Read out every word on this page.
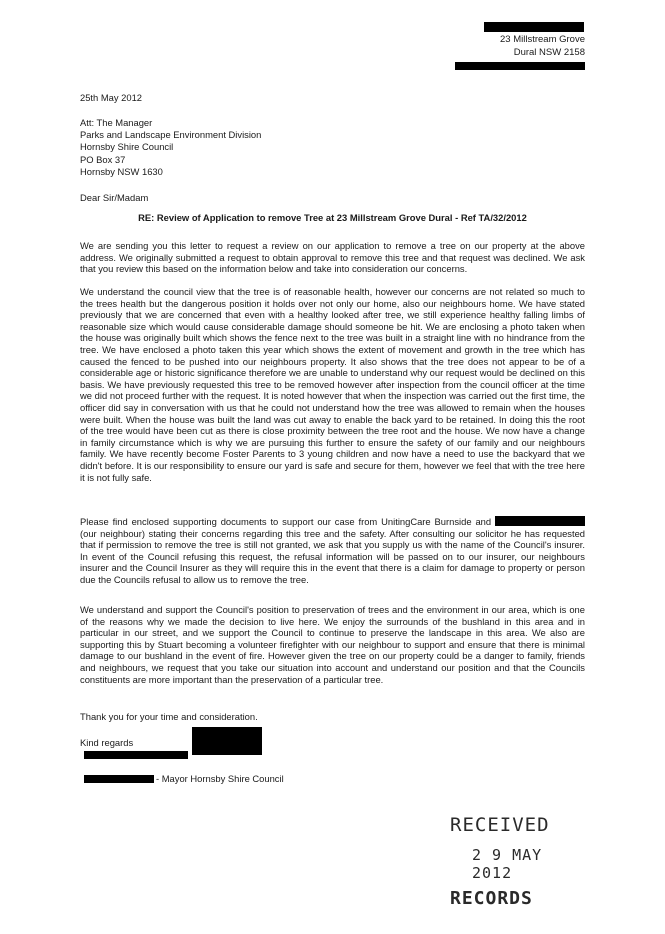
23 Millstream Grove
Dural NSW 2158
25th May 2012
Att: The Manager
Parks and Landscape Environment Division
Hornsby Shire Council
PO Box 37
Hornsby NSW 1630
Dear Sir/Madam
RE: Review of Application to remove Tree at 23 Millstream Grove Dural - Ref TA/32/2012
We are sending you this letter to request a review on our application to remove a tree on our property at the above address. We originally submitted a request to obtain approval to remove this tree and that request was declined. We ask that you review this based on the information below and take into consideration our concerns.
We understand the council view that the tree is of reasonable health, however our concerns are not related so much to the trees health but the dangerous position it holds over not only our home, also our neighbours home. We have stated previously that we are concerned that even with a healthy looked after tree, we still experience healthy falling limbs of reasonable size which would cause considerable damage should someone be hit. We are enclosing a photo taken when the house was originally built which shows the fence next to the tree was built in a straight line with no hindrance from the tree. We have enclosed a photo taken this year which shows the extent of movement and growth in the tree which has caused the fenced to be pushed into our neighbours property. It also shows that the tree does not appear to be of a considerable age or historic significance therefore we are unable to understand why our request would be declined on this basis. We have previously requested this tree to be removed however after inspection from the council officer at the time we did not proceed further with the request. It is noted however that when the inspection was carried out the first time, the officer did say in conversation with us that he could not understand how the tree was allowed to remain when the houses were built. When the house was built the land was cut away to enable the back yard to be retained. In doing this the root of the tree would have been cut as there is close proximity between the tree root and the house. We now have a change in family circumstance which is why we are pursuing this further to ensure the safety of our family and our neighbours family. We have recently become Foster Parents to 3 young children and now have a need to use the backyard that we didn't before. It is our responsibility to ensure our yard is safe and secure for them, however we feel that with the tree here it is not fully safe.
Please find enclosed supporting documents to support our case from UnitingCare Burnside and  (our neighbour) stating their concerns regarding this tree and the safety. After consulting our solicitor he has requested that if permission to remove the tree is still not granted, we ask that you supply us with the name of the Council's insurer. In event of the Council refusing this request, the refusal information will be passed on to our insurer, our neighbours insurer and the Council Insurer as they will require this in the event that there is a claim for damage to property or person due the Councils refusal to allow us to remove the tree.
We understand and support the Council's position to preservation of trees and the environment in our area, which is one of the reasons why we made the decision to live here. We enjoy the surrounds of the bushland in this area and in particular in our street, and we support the Council to continue to preserve the landscape in this area. We also are supporting this by Stuart becoming a volunteer firefighter with our neighbour to support and ensure that there is minimal damage to our bushland in the event of fire. However given the tree on our property could be a danger to family, friends and neighbours, we request that you take our situation into account and understand our position and that the Councils constituents are more important than the preservation of a particular tree.
Thank you for your time and consideration.
Kind regards
- Mayor Hornsby Shire Council
RECEIVED
2 9 MAY 2012
RECORDS
